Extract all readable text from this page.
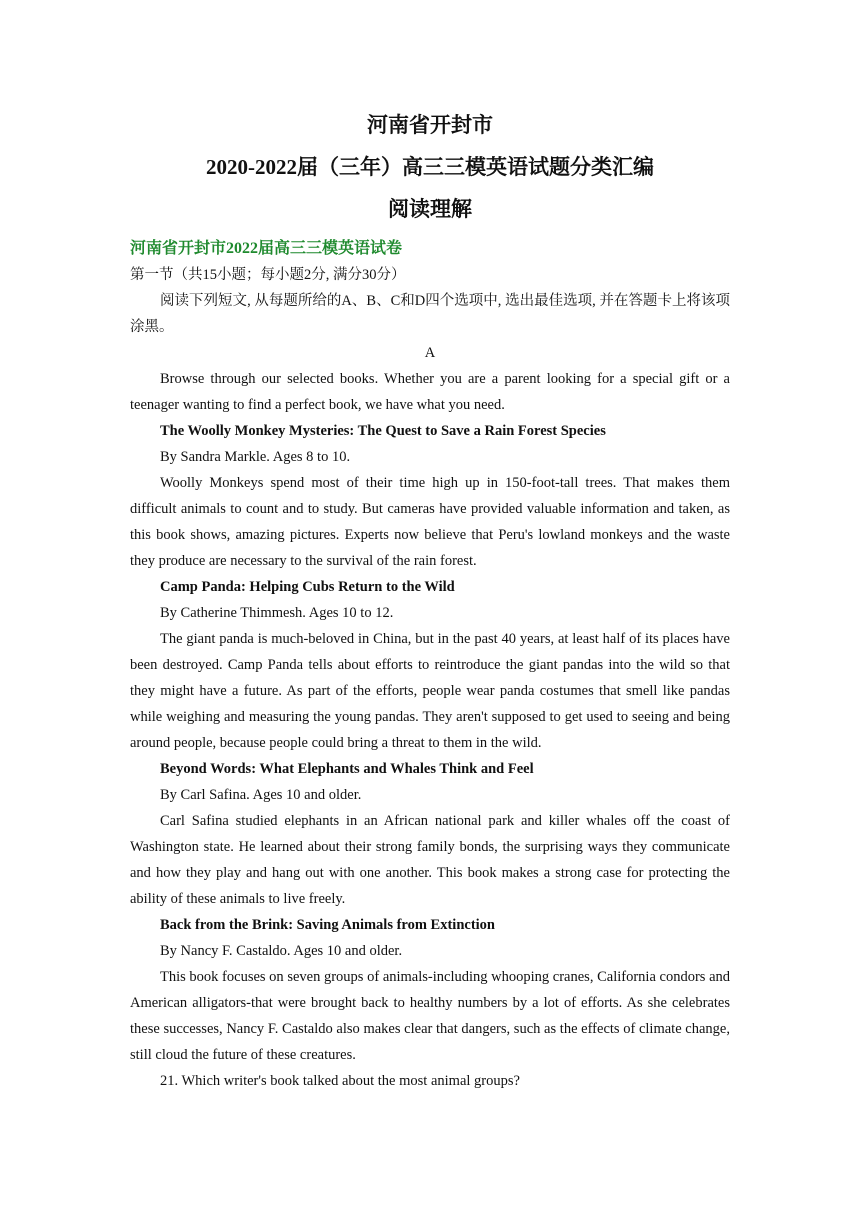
河南省开封市
2020-2022届（三年）高三三模英语试题分类汇编
阅读理解
河南省开封市2022届高三三模英语试卷

第一节（共15小题；每小题2分, 满分30分）

阅读下列短文, 从每题所给的A、B、C和D四个选项中, 选出最佳选项, 并在答题卡上将该项涂黑。

A

Browse through our selected books. Whether you are a parent looking for a special gift or a teenager wanting to find a perfect book, we have what you need.

The Woolly Monkey Mysteries: The Quest to Save a Rain Forest Species

By Sandra Markle. Ages 8 to 10.

Woolly Monkeys spend most of their time high up in 150-foot-tall trees. That makes them difficult animals to count and to study. But cameras have provided valuable information and taken, as this book shows, amazing pictures. Experts now believe that Peru's lowland monkeys and the waste they produce are necessary to the survival of the rain forest.

Camp Panda: Helping Cubs Return to the Wild

By Catherine Thimmesh. Ages 10 to 12.

The giant panda is much-beloved in China, but in the past 40 years, at least half of its places have been destroyed. Camp Panda tells about efforts to reintroduce the giant pandas into the wild so that they might have a future. As part of the efforts, people wear panda costumes that smell like pandas while weighing and measuring the young pandas. They aren't supposed to get used to seeing and being around people, because people could bring a threat to them in the wild.

Beyond Words: What Elephants and Whales Think and Feel

By Carl Safina. Ages 10 and older.

Carl Safina studied elephants in an African national park and killer whales off the coast of Washington state. He learned about their strong family bonds, the surprising ways they communicate and how they play and hang out with one another. This book makes a strong case for protecting the ability of these animals to live freely.

Back from the Brink: Saving Animals from Extinction

By Nancy F. Castaldo. Ages 10 and older.

This book focuses on seven groups of animals-including whooping cranes, California condors and American alligators-that were brought back to healthy numbers by a lot of efforts. As she celebrates these successes, Nancy F. Castaldo also makes clear that dangers, such as the effects of climate change, still cloud the future of these creatures.

21. Which writer's book talked about the most animal groups?
